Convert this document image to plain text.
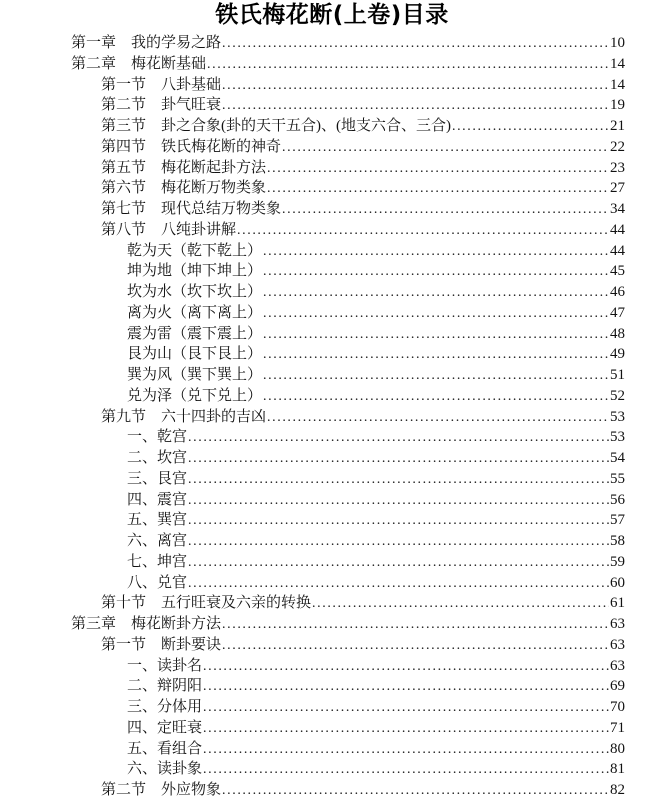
铁氏梅花断(上卷)目录
第一章　我的学易之路 .....	10
第二章　梅花断基础 .....	14
第一节　八卦基础 .....	14
第二节　卦气旺衰 .....	19
第三节　卦之合象(卦的天干五合)、(地支六合、三合) .....	21
第四节　铁氏梅花断的神奇 .....	22
第五节　梅花断起卦方法 .....	23
第六节　梅花断万物类象 .....	27
第七节　现代总结万物类象 .....	34
第八节　八纯卦讲解 .....	44
乾为天（乾下乾上） .....	44
坤为地（坤下坤上） .....	45
坎为水（坎下坎上） .....	46
离为火（离下离上） .....	47
震为雷（震下震上） .....	48
艮为山（艮下艮上） .....	49
巽为风（巽下巽上） .....	51
兑为泽（兑下兑上） .....	52
第九节　六十四卦的吉凶 .....	53
一、乾宫 .....	53
二、坎宫 .....	54
三、艮宫 .....	55
四、震宫 .....	56
五、巽宫 .....	57
六、离宫 .....	58
七、坤宫 .....	59
八、兑官 .....	60
第十节　五行旺衰及六亲的转换 .....	61
第三章　梅花断卦方法 .....	63
第一节　断卦要诀 .....	63
一、读卦名 .....	63
二、辩阴阳 .....	69
三、分体用 .....	70
四、定旺衰 .....	71
五、看组合 .....	80
六、读卦象 .....	81
第二节　外应物象 .....	82
